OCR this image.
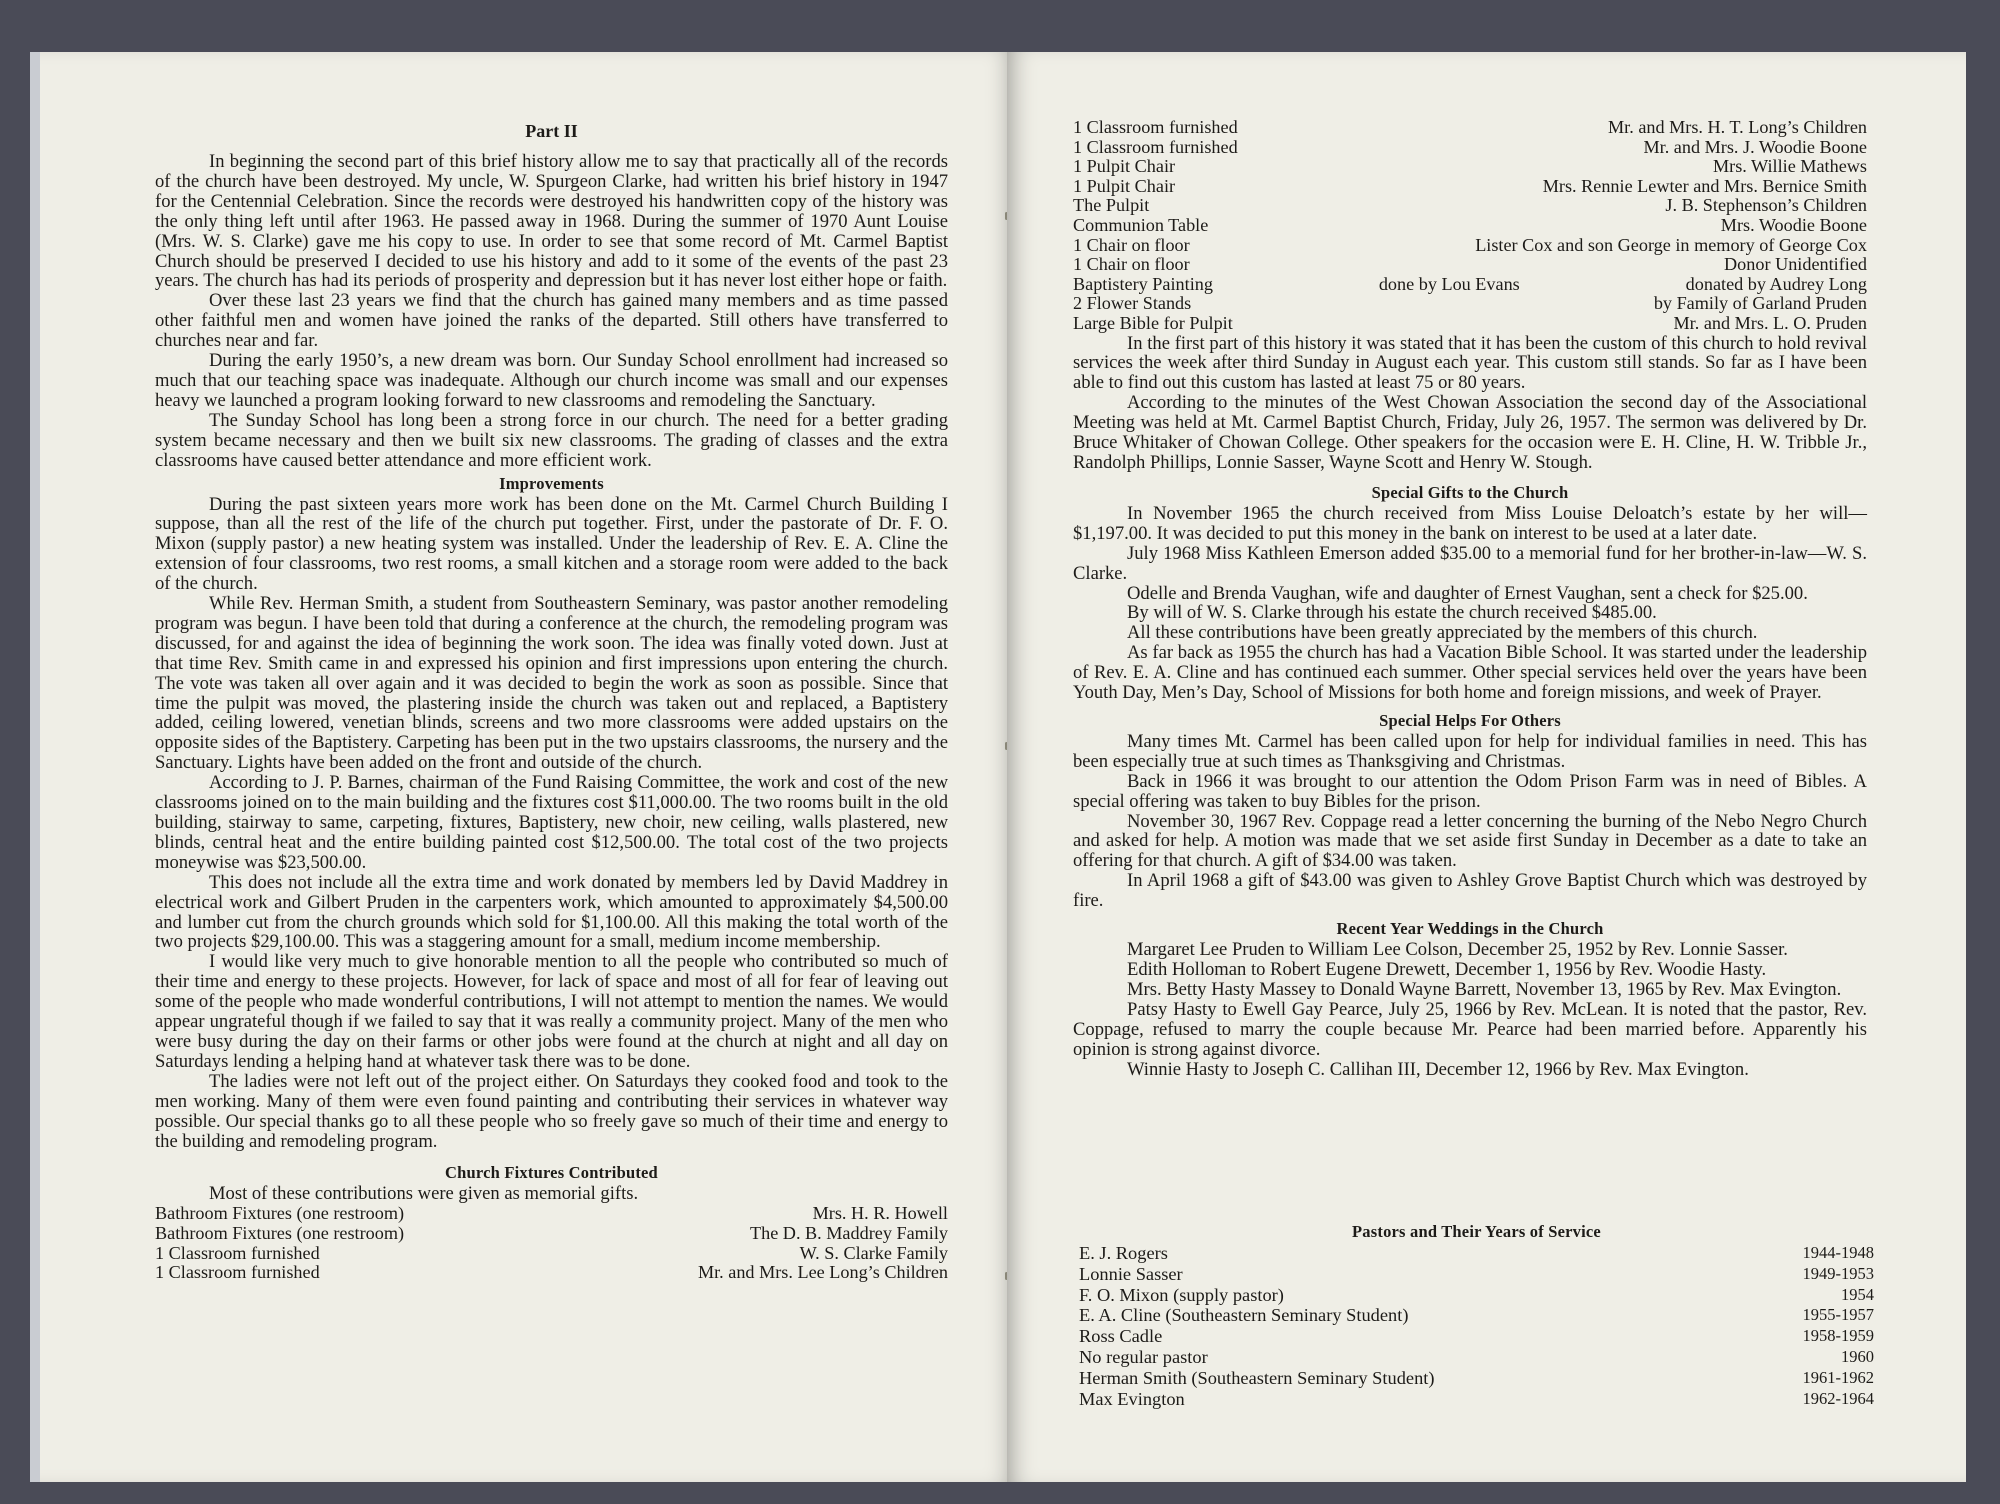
Part II

In beginning the second part of this brief history allow me to say that practically all of the records of the church have been destroyed. My uncle, W. Spurgeon Clarke, had written his brief history in 1947 for the Centennial Celebration. Since the records were destroyed his handwritten copy of the history was the only thing left until after 1963. He passed away in 1968. During the summer of 1970 Aunt Louise (Mrs. W. S. Clarke) gave me his copy to use. In order to see that some record of Mt. Carmel Baptist Church should be preserved I decided to use his history and add to it some of the events of the past 23 years. The church has had its periods of prosperity and depression but it has never lost either hope or faith.

Over these last 23 years we find that the church has gained many members and as time passed other faithful men and women have joined the ranks of the departed. Still others have transferred to churches near and far.

During the early 1950’s, a new dream was born. Our Sunday School enrollment had increased so much that our teaching space was inadequate. Although our church income was small and our expenses heavy we launched a program looking forward to new classrooms and remodeling the Sanctuary.

The Sunday School has long been a strong force in our church. The need for a better grading system became necessary and then we built six new classrooms. The grading of classes and the extra classrooms have caused better attendance and more efficient work.

Improvements

During the past sixteen years more work has been done on the Mt. Carmel Church Building I suppose, than all the rest of the life of the church put together. First, under the pastorate of Dr. F. O. Mixon (supply pastor) a new heating system was installed. Under the leadership of Rev. E. A. Cline the extension of four classrooms, two rest rooms, a small kitchen and a storage room were added to the back of the church.

While Rev. Herman Smith, a student from Southeastern Seminary, was pastor another remodeling program was begun. I have been told that during a conference at the church, the remodeling program was discussed, for and against the idea of beginning the work soon. The idea was finally voted down. Just at that time Rev. Smith came in and expressed his opinion and first impressions upon entering the church. The vote was taken all over again and it was decided to begin the work as soon as possible. Since that time the pulpit was moved, the plastering inside the church was taken out and replaced, a Baptistery added, ceiling lowered, venetian blinds, screens and two more classrooms were added upstairs on the opposite sides of the Baptistery. Carpeting has been put in the two upstairs classrooms, the nursery and the Sanctuary. Lights have been added on the front and outside of the church.

According to J. P. Barnes, chairman of the Fund Raising Committee, the work and cost of the new classrooms joined on to the main building and the fixtures cost $11,000.00. The two rooms built in the old building, stairway to same, carpeting, fixtures, Baptistery, new choir, new ceiling, walls plastered, new blinds, central heat and the entire building painted cost $12,500.00. The total cost of the two projects moneywise was $23,500.00.

This does not include all the extra time and work donated by members led by David Maddrey in electrical work and Gilbert Pruden in the carpenters work, which amounted to approximately $4,500.00 and lumber cut from the church grounds which sold for $1,100.00. All this making the total worth of the two projects $29,100.00. This was a staggering amount for a small, medium income membership.

I would like very much to give honorable mention to all the people who contributed so much of their time and energy to these projects. However, for lack of space and most of all for fear of leaving out some of the people who made wonderful contributions, I will not attempt to mention the names. We would appear ungrateful though if we failed to say that it was really a community project. Many of the men who were busy during the day on their farms or other jobs were found at the church at night and all day on Saturdays lending a helping hand at whatever task there was to be done.

The ladies were not left out of the project either. On Saturdays they cooked food and took to the men working. Many of them were even found painting and contributing their services in whatever way possible. Our special thanks go to all these people who so freely gave so much of their time and energy to the building and remodeling program.

Church Fixtures Contributed

Most of these contributions were given as memorial gifts.

Bathroom Fixtures (one restroom)	Mrs. H. R. Howell
Bathroom Fixtures (one restroom)	The D. B. Maddrey Family
1 Classroom furnished	W. S. Clarke Family
1 Classroom furnished	Mr. and Mrs. Lee Long’s Children
1 Classroom furnished	Mr. and Mrs. H. T. Long’s Children
1 Classroom furnished	Mr. and Mrs. J. Woodie Boone
1 Pulpit Chair	Mrs. Willie Mathews
1 Pulpit Chair	Mrs. Rennie Lewter and Mrs. Bernice Smith
The Pulpit	J. B. Stephenson’s Children
Communion Table	Mrs. Woodie Boone
1 Chair on floor	Lister Cox and son George in memory of George Cox
1 Chair on floor	Donor Unidentified
Baptistery Painting	done by Lou Evans	donated by Audrey Long
2 Flower Stands	by Family of Garland Pruden
Large Bible for Pulpit	Mr. and Mrs. L. O. Pruden

In the first part of this history it was stated that it has been the custom of this church to hold revival services the week after third Sunday in August each year. This custom still stands. So far as I have been able to find out this custom has lasted at least 75 or 80 years.

According to the minutes of the West Chowan Association the second day of the Associational Meeting was held at Mt. Carmel Baptist Church, Friday, July 26, 1957. The sermon was delivered by Dr. Bruce Whitaker of Chowan College. Other speakers for the occasion were E. H. Cline, H. W. Tribble Jr., Randolph Phillips, Lonnie Sasser, Wayne Scott and Henry W. Stough.

Special Gifts to the Church

In November 1965 the church received from Miss Louise Deloatch’s estate by her will—$1,197.00. It was decided to put this money in the bank on interest to be used at a later date.

July 1968 Miss Kathleen Emerson added $35.00 to a memorial fund for her brother-in-law—W. S. Clarke.

Odelle and Brenda Vaughan, wife and daughter of Ernest Vaughan, sent a check for $25.00.

By will of W. S. Clarke through his estate the church received $485.00.

All these contributions have been greatly appreciated by the members of this church.

As far back as 1955 the church has had a Vacation Bible School. It was started under the leadership of Rev. E. A. Cline and has continued each summer. Other special services held over the years have been Youth Day, Men’s Day, School of Missions for both home and foreign missions, and week of Prayer.

Special Helps For Others

Many times Mt. Carmel has been called upon for help for individual families in need. This has been especially true at such times as Thanksgiving and Christmas.

Back in 1966 it was brought to our attention the Odom Prison Farm was in need of Bibles. A special offering was taken to buy Bibles for the prison.

November 30, 1967 Rev. Coppage read a letter concerning the burning of the Nebo Negro Church and asked for help. A motion was made that we set aside first Sunday in December as a date to take an offering for that church. A gift of $34.00 was taken.

In April 1968 a gift of $43.00 was given to Ashley Grove Baptist Church which was destroyed by fire.

Recent Year Weddings in the Church

Margaret Lee Pruden to William Lee Colson, December 25, 1952 by Rev. Lonnie Sasser.

Edith Holloman to Robert Eugene Drewett, December 1, 1956 by Rev. Woodie Hasty.

Mrs. Betty Hasty Massey to Donald Wayne Barrett, November 13, 1965 by Rev. Max Evington.

Patsy Hasty to Ewell Gay Pearce, July 25, 1966 by Rev. McLean. It is noted that the pastor, Rev. Coppage, refused to marry the couple because Mr. Pearce had been married before. Apparently his opinion is strong against divorce.

Winnie Hasty to Joseph C. Callihan III, December 12, 1966 by Rev. Max Evington.

Pastors and Their Years of Service
E. J. Rogers	1944-1948
Lonnie Sasser	1949-1953
F. O. Mixon (supply pastor)	1954
E. A. Cline (Southeastern Seminary Student)	1955-1957
Ross Cadle	1958-1959
No regular pastor	1960
Herman Smith (Southeastern Seminary Student)	1961-1962
Max Evington	1962-1964
